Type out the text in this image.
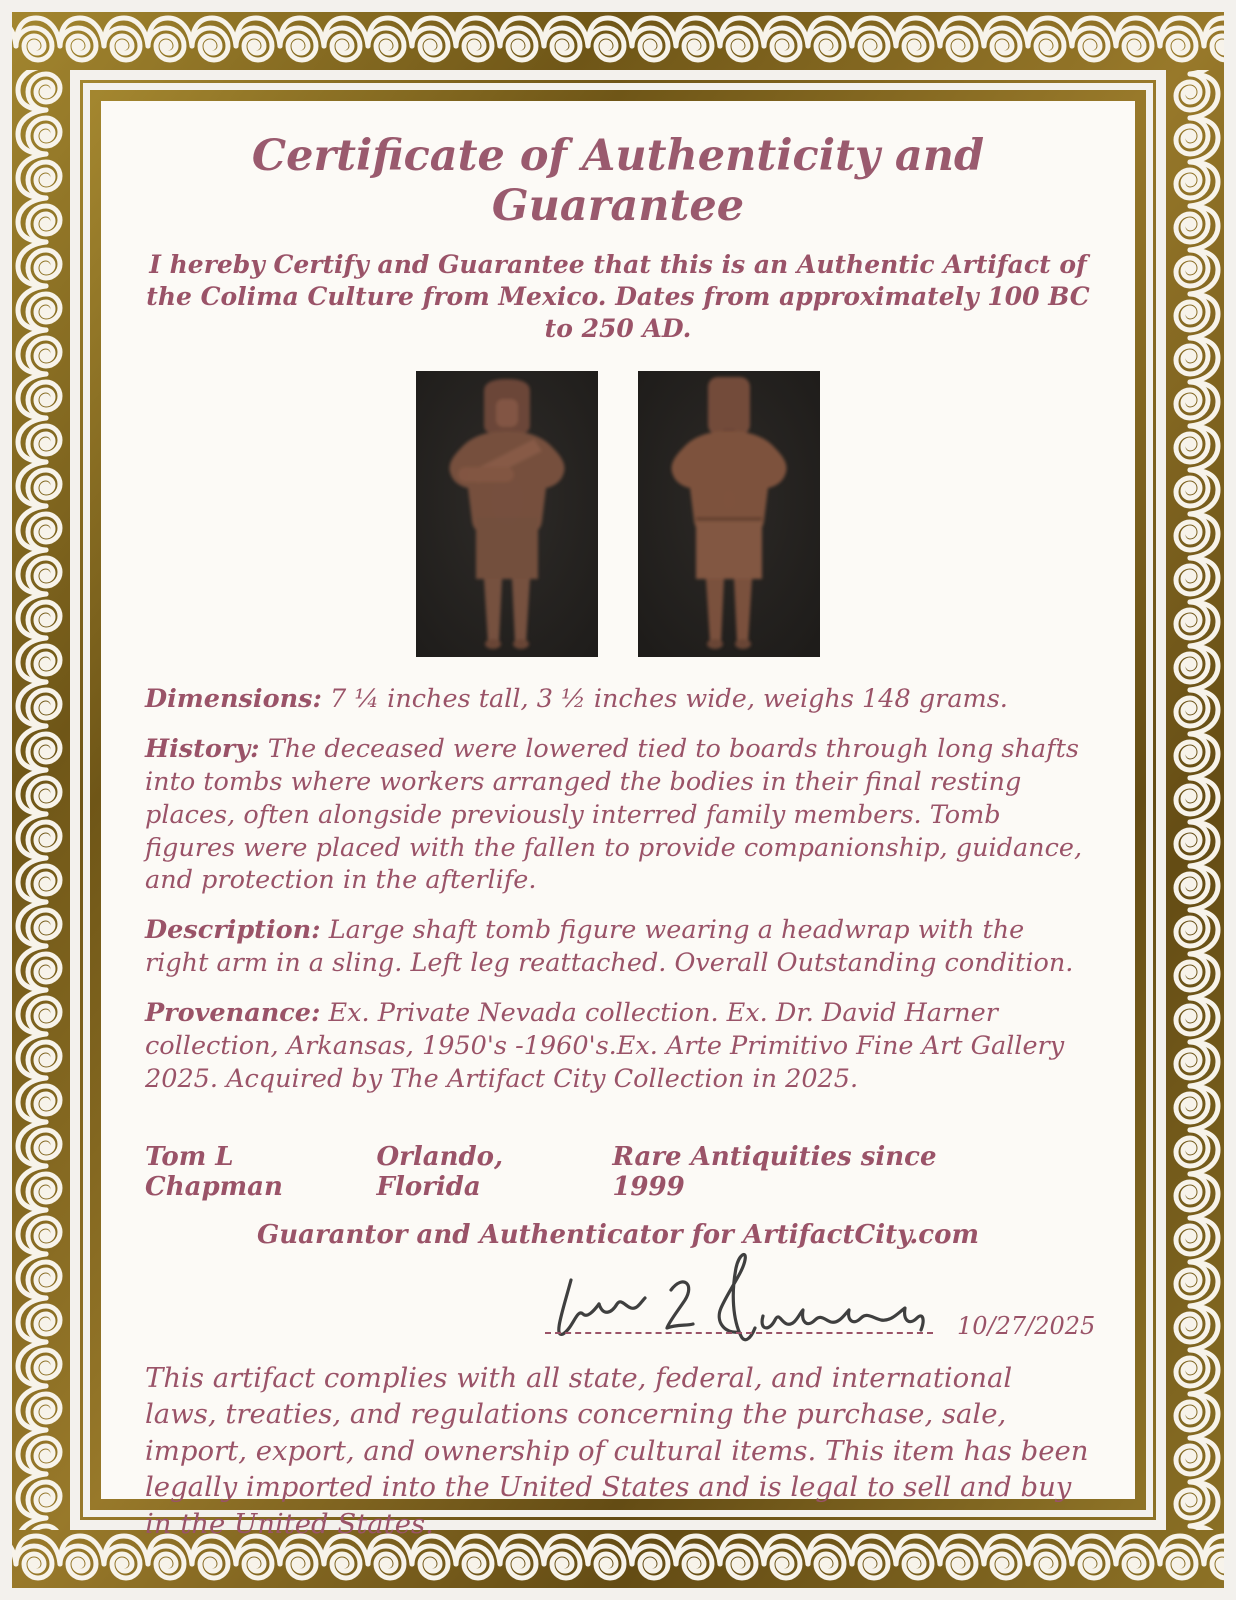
Certificate of Authenticity and Guarantee

I hereby Certify and Guarantee that this is an Authentic Artifact of the Colima Culture from Mexico. Dates from approximately 100 BC to 250 AD.

Dimensions: 7 ¼ inches tall, 3 ½ inches wide, weighs 148 grams.

History: The deceased were lowered tied to boards through long shafts into tombs where workers arranged the bodies in their final resting places, often alongside previously interred family members. Tomb figures were placed with the fallen to provide companionship, guidance, and protection in the afterlife.

Description: Large shaft tomb figure wearing a headwrap with the right arm in a sling. Left leg reattached. Overall Outstanding condition.

Provenance: Ex. Private Nevada collection. Ex. Dr. David Harner collection, Arkansas, 1950's -1960's.Ex. Arte Primitivo Fine Art Gallery 2025. Acquired by The Artifact City Collection in 2025.

Tom L Chapman
Orlando, Florida
Rare Antiquities since 1999

Guarantor and Authenticator for ArtifactCity.com

10/27/2025

This artifact complies with all state, federal, and international laws, treaties, and regulations concerning the purchase, sale, import, export, and ownership of cultural items. This item has been legally imported into the United States and is legal to sell and buy in the United States.
